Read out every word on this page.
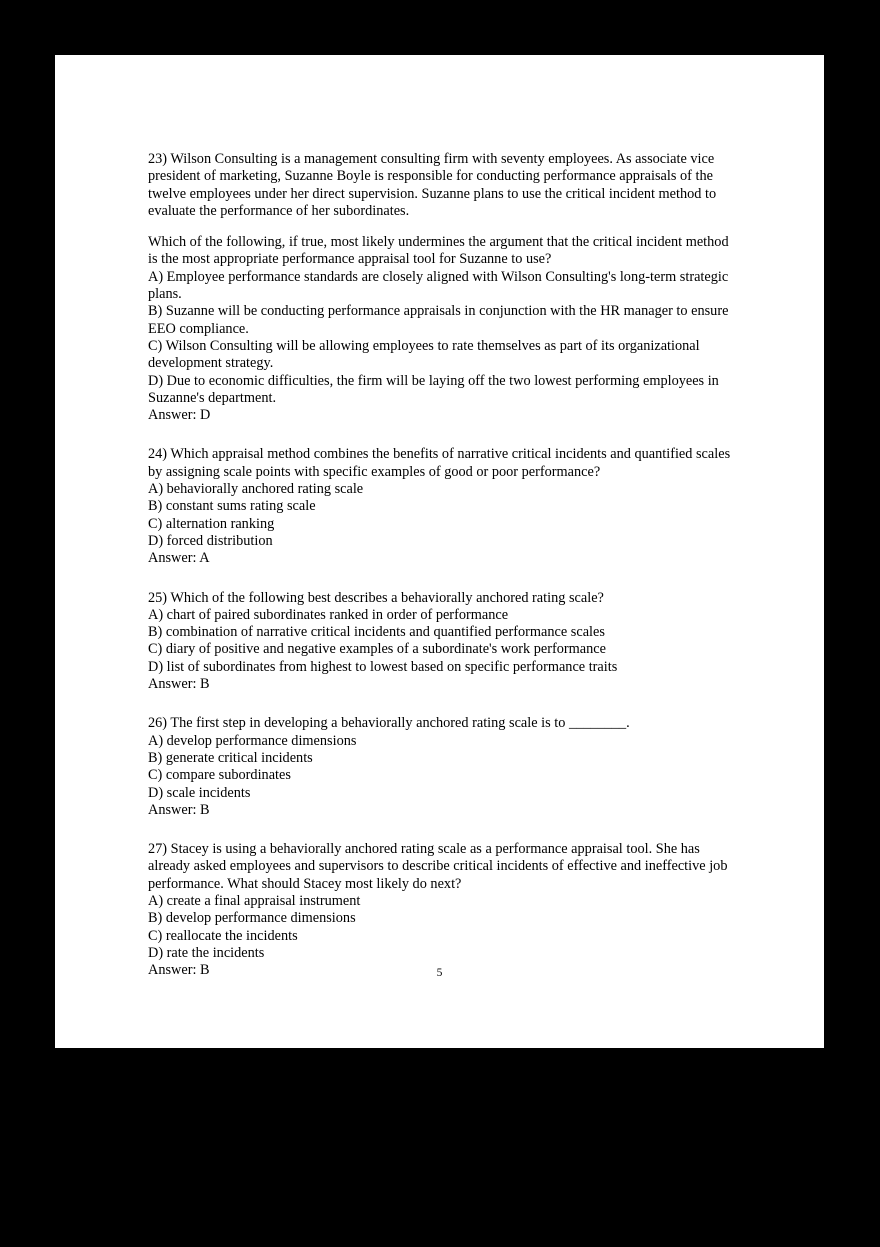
23) Wilson Consulting is a management consulting firm with seventy employees. As associate vice president of marketing, Suzanne Boyle is responsible for conducting performance appraisals of the twelve employees under her direct supervision. Suzanne plans to use the critical incident method to evaluate the performance of her subordinates.
Which of the following, if true, most likely undermines the argument that the critical incident method is the most appropriate performance appraisal tool for Suzanne to use?
A) Employee performance standards are closely aligned with Wilson Consulting's long-term strategic plans.
B) Suzanne will be conducting performance appraisals in conjunction with the HR manager to ensure EEO compliance.
C) Wilson Consulting will be allowing employees to rate themselves as part of its organizational development strategy.
D) Due to economic difficulties, the firm will be laying off the two lowest performing employees in Suzanne's department.
Answer: D
24) Which appraisal method combines the benefits of narrative critical incidents and quantified scales by assigning scale points with specific examples of good or poor performance?
A) behaviorally anchored rating scale
B) constant sums rating scale
C) alternation ranking
D) forced distribution
Answer: A
25) Which of the following best describes a behaviorally anchored rating scale?
A) chart of paired subordinates ranked in order of performance
B) combination of narrative critical incidents and quantified performance scales
C) diary of positive and negative examples of a subordinate's work performance
D) list of subordinates from highest to lowest based on specific performance traits
Answer: B
26) The first step in developing a behaviorally anchored rating scale is to ________.
A) develop performance dimensions
B) generate critical incidents
C) compare subordinates
D) scale incidents
Answer: B
27) Stacey is using a behaviorally anchored rating scale as a performance appraisal tool. She has already asked employees and supervisors to describe critical incidents of effective and ineffective job performance. What should Stacey most likely do next?
A) create a final appraisal instrument
B) develop performance dimensions
C) reallocate the incidents
D) rate the incidents
Answer: B	5
